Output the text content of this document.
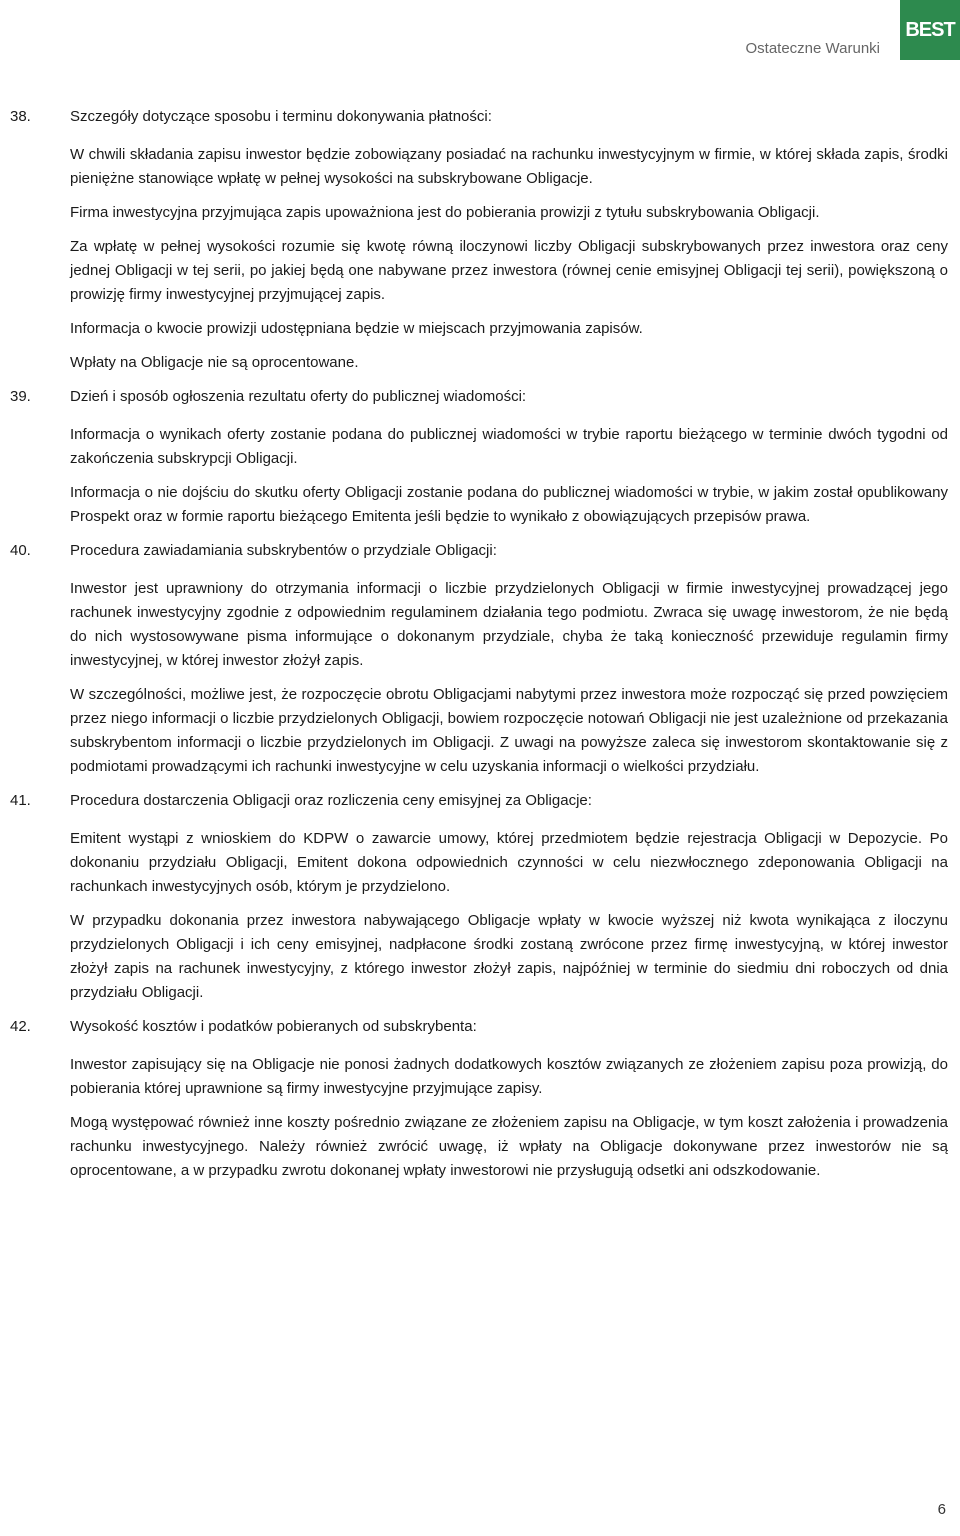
Ostateczne Warunki
BEST
38.	Szczegóły dotyczące sposobu i terminu dokonywania płatności:

W chwili składania zapisu inwestor będzie zobowiązany posiadać na rachunku inwestycyjnym w firmie, w której składa zapis, środki pieniężne stanowiące wpłatę w pełnej wysokości na subskrybowane Obligacje.

Firma inwestycyjna przyjmująca zapis upoważniona jest do pobierania prowizji z tytułu subskrybowania Obligacji.

Za wpłatę w pełnej wysokości rozumie się kwotę równą iloczynowi liczby Obligacji subskrybowanych przez inwestora oraz ceny jednej Obligacji w tej serii, po jakiej będą one nabywane przez inwestora (równej cenie emisyjnej Obligacji tej serii), powiększoną o prowizję firmy inwestycyjnej przyjmującej zapis.

Informacja o kwocie prowizji udostępniana będzie w miejscach przyjmowania zapisów.

Wpłaty na Obligacje nie są oprocentowane.

39.	Dzień i sposób ogłoszenia rezultatu oferty do publicznej wiadomości:

Informacja o wynikach oferty zostanie podana do publicznej wiadomości w trybie raportu bieżącego w terminie dwóch tygodni od zakończenia subskrypcji Obligacji.

Informacja o nie dojściu do skutku oferty Obligacji zostanie podana do publicznej wiadomości w trybie, w jakim został opublikowany Prospekt oraz w formie raportu bieżącego Emitenta jeśli będzie to wynikało z obowiązujących przepisów prawa.

40.	Procedura zawiadamiania subskrybentów o przydziale Obligacji:

Inwestor jest uprawniony do otrzymania informacji o liczbie przydzielonych Obligacji w firmie inwestycyjnej prowadzącej jego rachunek inwestycyjny zgodnie z odpowiednim regulaminem działania tego podmiotu. Zwraca się uwagę inwestorom, że nie będą do nich wystosowywane pisma informujące o dokonanym przydziale, chyba że taką konieczność przewiduje regulamin firmy inwestycyjnej, w której inwestor złożył zapis.

W szczególności, możliwe jest, że rozpoczęcie obrotu Obligacjami nabytymi przez inwestora może rozpocząć się przed powzięciem przez niego informacji o liczbie przydzielonych Obligacji, bowiem rozpoczęcie notowań Obligacji nie jest uzależnione od przekazania subskrybentom informacji o liczbie przydzielonych im Obligacji. Z uwagi na powyższe zaleca się inwestorom skontaktowanie się z podmiotami prowadzącymi ich rachunki inwestycyjne w celu uzyskania informacji o wielkości przydziału.

41.	Procedura dostarczenia Obligacji oraz rozliczenia ceny emisyjnej za Obligacje:

Emitent wystąpi z wnioskiem do KDPW o zawarcie umowy, której przedmiotem będzie rejestracja Obligacji w Depozycie. Po dokonaniu przydziału Obligacji, Emitent dokona odpowiednich czynności w celu niezwłocznego zdeponowania Obligacji na rachunkach inwestycyjnych osób, którym je przydzielono.

W przypadku dokonania przez inwestora nabywającego Obligacje wpłaty w kwocie wyższej niż kwota wynikająca z iloczynu przydzielonych Obligacji i ich ceny emisyjnej, nadpłacone środki zostaną zwrócone przez firmę inwestycyjną, w której inwestor złożył zapis na rachunek inwestycyjny, z którego inwestor złożył zapis, najpóźniej w terminie do siedmiu dni roboczych od dnia przydziału Obligacji.

42.	Wysokość kosztów i podatków pobieranych od subskrybenta:

Inwestor zapisujący się na Obligacje nie ponosi żadnych dodatkowych kosztów związanych ze złożeniem zapisu poza prowizją, do pobierania której uprawnione są firmy inwestycyjne przyjmujące zapisy.

Mogą występować również inne koszty pośrednio związane ze złożeniem zapisu na Obligacje, w tym koszt założenia i prowadzenia rachunku inwestycyjnego. Należy również zwrócić uwagę, iż wpłaty na Obligacje dokonywane przez inwestorów nie są oprocentowane, a w przypadku zwrotu dokonanej wpłaty inwestorowi nie przysługują odsetki ani odszkodowanie.

6
